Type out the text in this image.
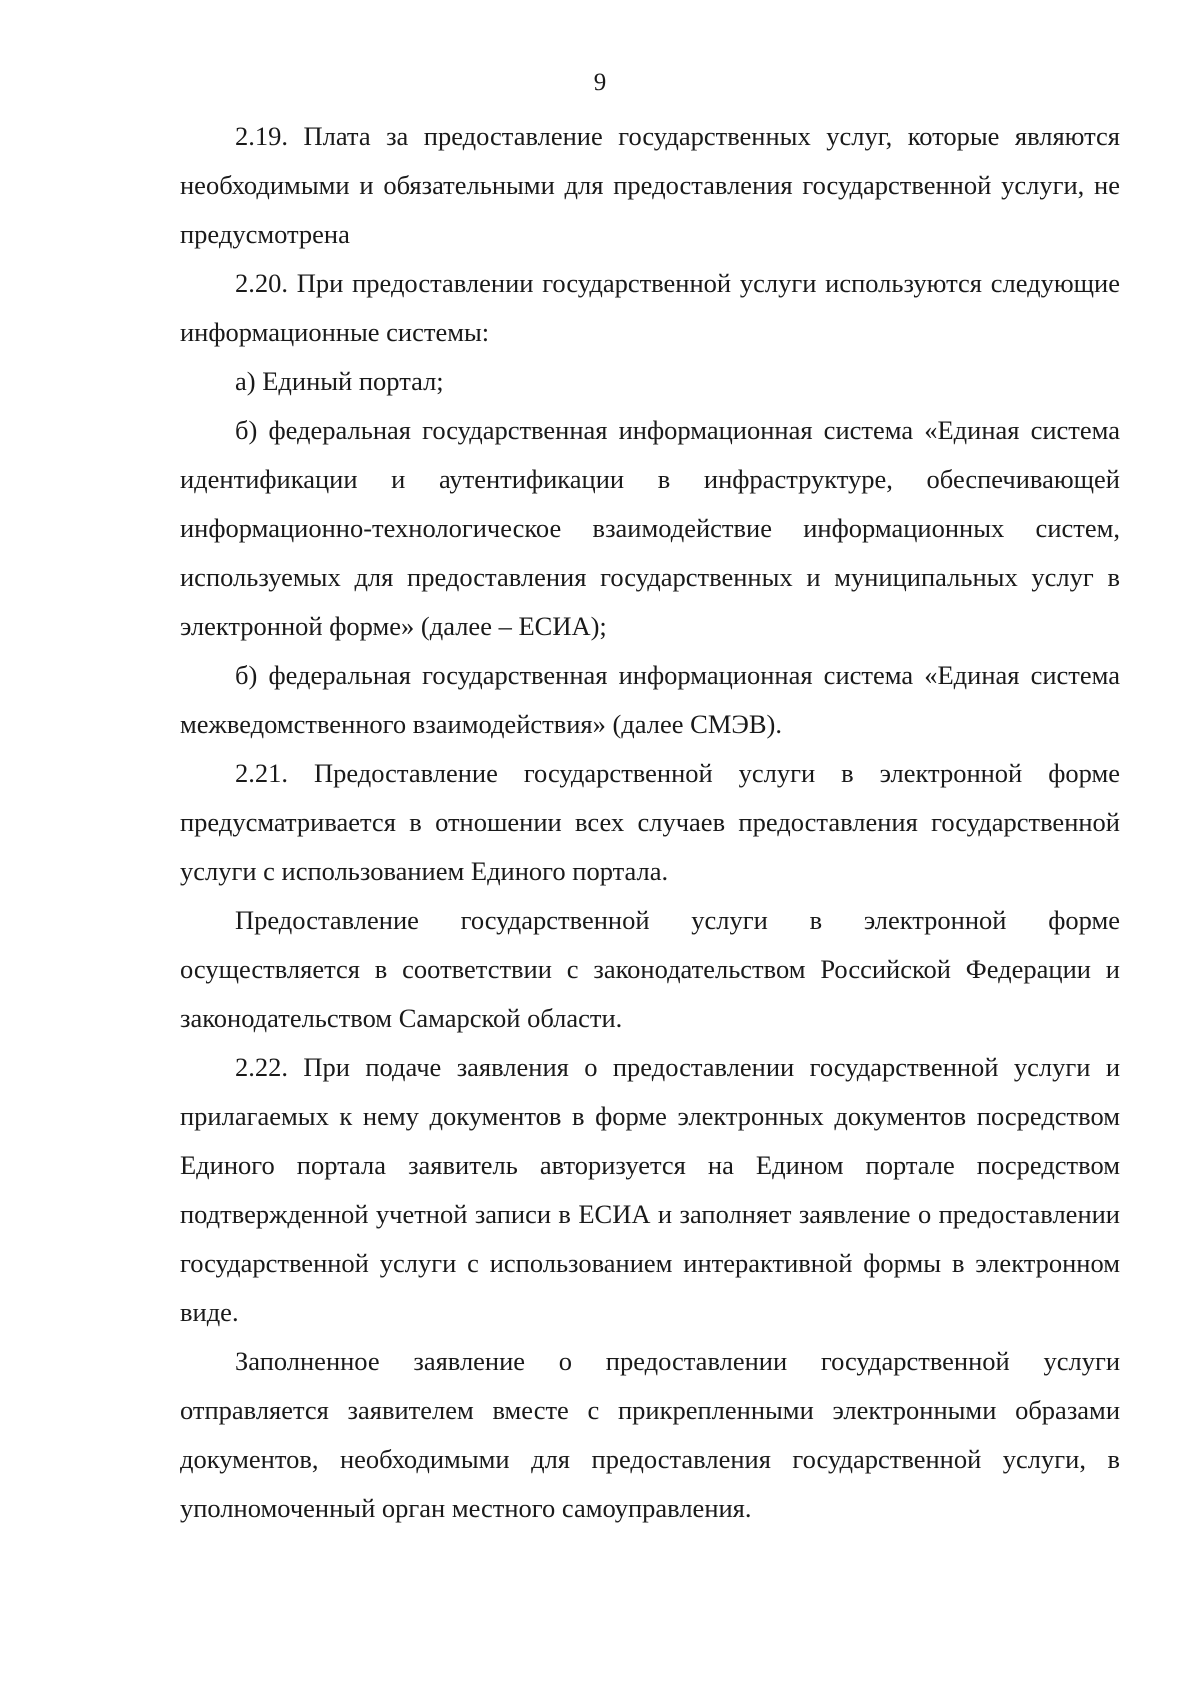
9

2.19. Плата за предоставление государственных услуг, которые являются необходимыми и обязательными для предоставления государственной услуги, не предусмотрена

2.20. При предоставлении государственной услуги используются следующие информационные системы:

а) Единый портал;

б) федеральная государственная информационная система «Единая система идентификации и аутентификации в инфраструктуре, обеспечивающей информационно-технологическое взаимодействие информационных систем, используемых для предоставления государственных и муниципальных услуг в электронной форме» (далее – ЕСИА);

б) федеральная государственная информационная система «Единая система межведомственного взаимодействия» (далее СМЭВ).

2.21. Предоставление государственной услуги в электронной форме предусматривается в отношении всех случаев предоставления государственной услуги с использованием Единого портала.

Предоставление государственной услуги в электронной форме осуществляется в соответствии с законодательством Российской Федерации и законодательством Самарской области.

2.22. При подаче заявления о предоставлении государственной услуги и прилагаемых к нему документов в форме электронных документов посредством Единого портала заявитель авторизуется на Едином портале посредством подтвержденной учетной записи в ЕСИА и заполняет заявление о предоставлении государственной услуги с использованием интерактивной формы в электронном виде.

Заполненное заявление о предоставлении государственной услуги отправляется заявителем вместе с прикрепленными электронными образами документов, необходимыми для предоставления государственной услуги, в уполномоченный орган местного самоуправления.
